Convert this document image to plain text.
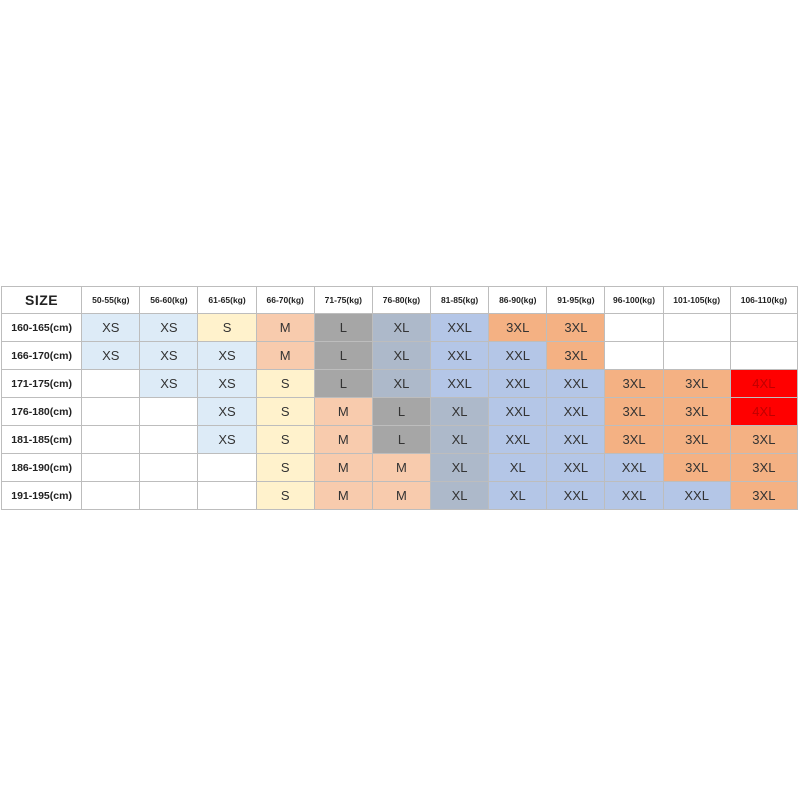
SIZE	50-55(kg)	56-60(kg)	61-65(kg)	66-70(kg)	71-75(kg)	76-80(kg)	81-85(kg)	86-90(kg)	91-95(kg)	96-100(kg)	101-105(kg)	106-110(kg)
160-165(cm)	XS	XS	S	M	L	XL	XXL	3XL	3XL			
166-170(cm)	XS	XS	XS	M	L	XL	XXL	XXL	3XL			
171-175(cm)		XS	XS	S	L	XL	XXL	XXL	XXL	3XL	3XL	4XL
176-180(cm)			XS	S	M	L	XL	XXL	XXL	3XL	3XL	4XL
181-185(cm)			XS	S	M	L	XL	XXL	XXL	3XL	3XL	3XL
186-190(cm)				S	M	M	XL	XL	XXL	XXL	3XL	3XL
191-195(cm)				S	M	M	XL	XL	XXL	XXL	XXL	3XL
